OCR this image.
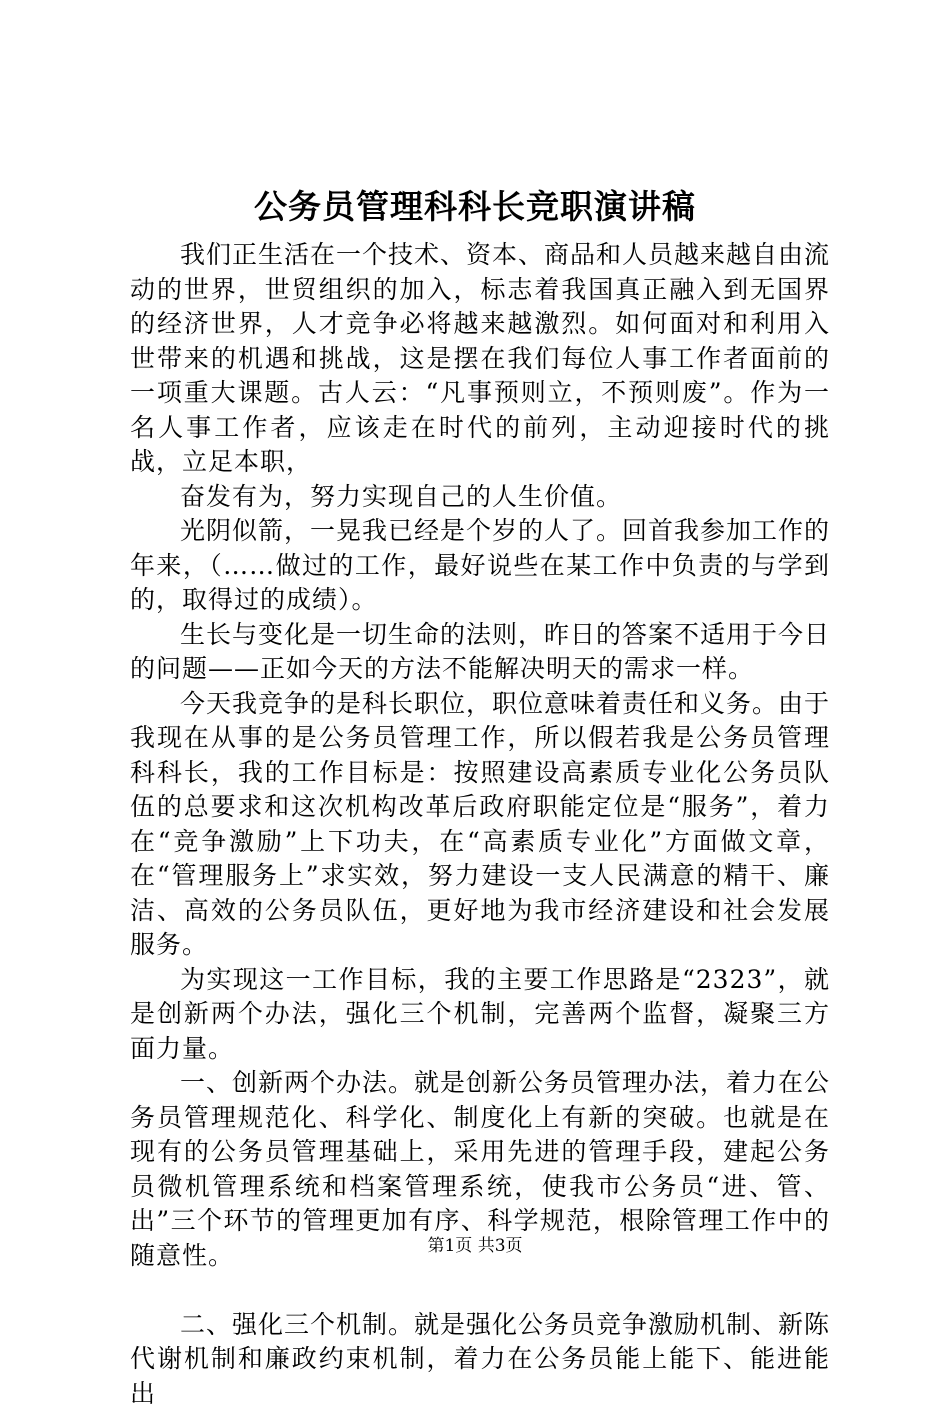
公务员管理科科长竞职演讲稿

我们正生活在一个技术、资本、商品和人员越来越自由流动的世界，世贸组织的加入，标志着我国真正融入到无国界的经济世界，人才竞争必将越来越激烈。如何面对和利用入世带来的机遇和挑战，这是摆在我们每位人事工作者面前的一项重大课题。古人云：“凡事预则立，不预则废”。作为一名人事工作者，应该走在时代的前列，主动迎接时代的挑战，立足本职，

奋发有为，努力实现自己的人生价值。

光阴似箭，一晃我已经是个岁的人了。回首我参加工作的年来，（……做过的工作，最好说些在某工作中负责的与学到的，取得过的成绩）。

生长与变化是一切生命的法则，昨日的答案不适用于今日的问题——正如今天的方法不能解决明天的需求一样。

今天我竞争的是科长职位，职位意味着责任和义务。由于我现在从事的是公务员管理工作，所以假若我是公务员管理科科长，我的工作目标是：按照建设高素质专业化公务员队伍的总要求和这次机构改革后政府职能定位是“服务”，着力在“竞争激励”上下功夫，在“高素质专业化”方面做文章，在“管理服务上”求实效，努力建设一支人民满意的精干、廉洁、高效的公务员队伍，更好地为我市经济建设和社会发展服务。

为实现这一工作目标，我的主要工作思路是“2323”，就是创新两个办法，强化三个机制，完善两个监督，凝聚三方面力量。

一、创新两个办法。就是创新公务员管理办法，着力在公务员管理规范化、科学化、制度化上有新的突破。也就是在现有的公务员管理基础上，采用先进的管理手段，建起公务员微机管理系统和档案管理系统，使我市公务员“进、管、出”三个环节的管理更加有序、科学规范，根除管理工作中的随意性。

二、强化三个机制。就是强化公务员竞争激励机制、新陈代谢机制和廉政约束机制，着力在公务员能上能下、能进能出

第1页 共3页
